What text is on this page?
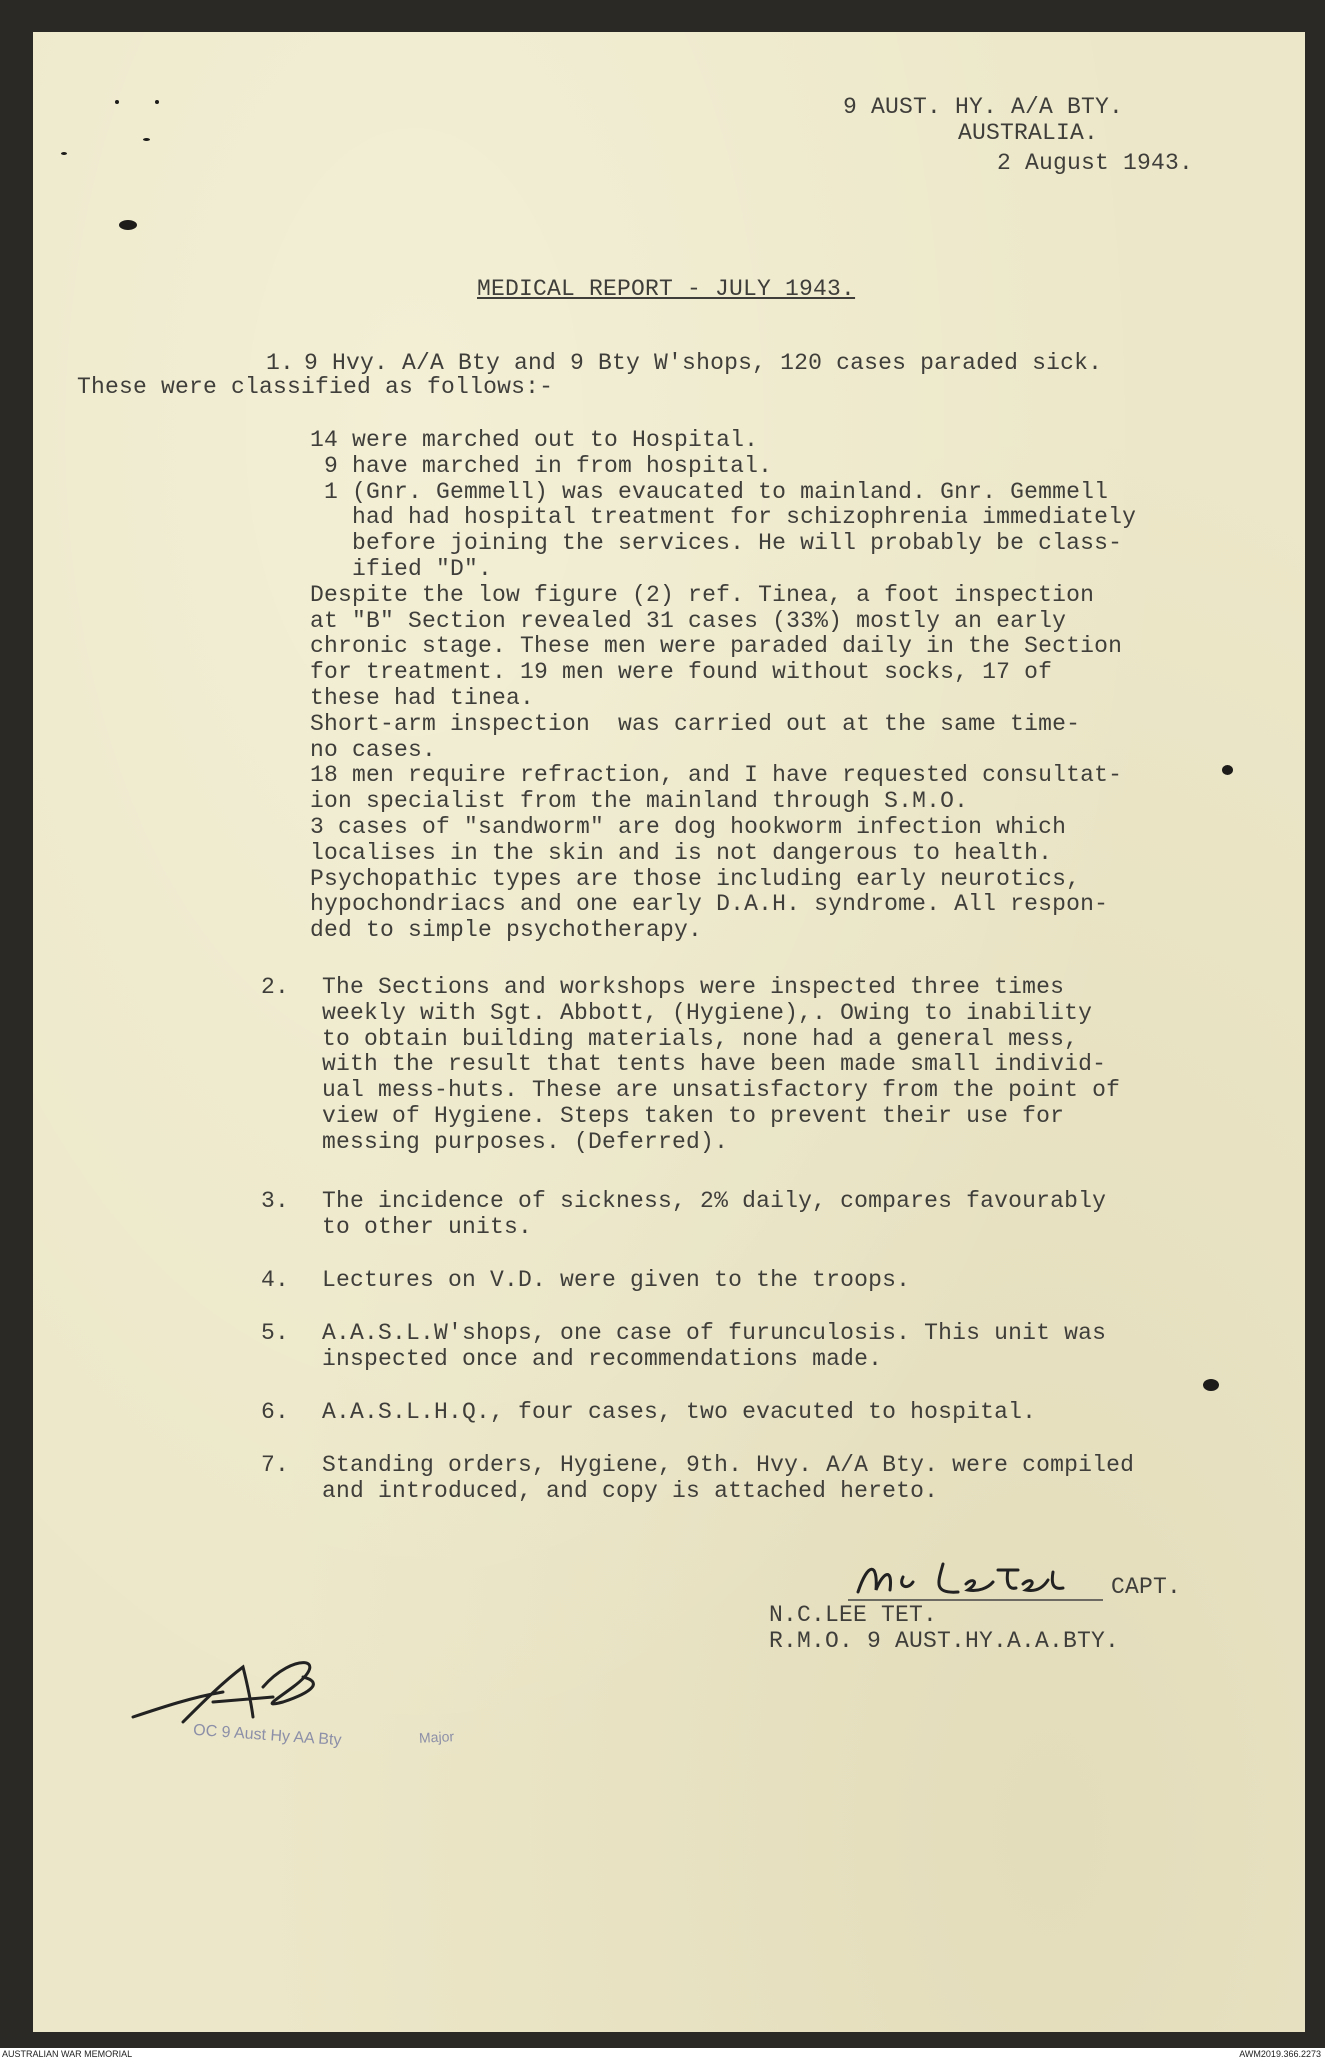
9 AUST. HY. A/A BTY.
AUSTRALIA.
2 August 1943.
MEDICAL REPORT - JULY 1943.
1. 9 Hvy. A/A Bty and 9 Bty W'shops, 120 cases paraded sick.
These were classified as follows:-
14 were marched out to Hospital.
9 have marched in from hospital.
1 (Gnr. Gemmell) was evaucated to mainland. Gnr. Gemmell
had had hospital treatment for schizophrenia immediately
before joining the services. He will probably be class-
ified "D".
Despite the low figure (2) ref. Tinea, a foot inspection
at "B" Section revealed 31 cases (33%) mostly an early
chronic stage. These men were paraded daily in the Section
for treatment. 19 men were found without socks, 17 of
these had tinea.
Short-arm inspection  was carried out at the same time-
no cases.
18 men require refraction, and I have requested consultat-
ion specialist from the mainland through S.M.O.
3 cases of "sandworm" are dog hookworm infection which
localises in the skin and is not dangerous to health.
Psychopathic types are those including early neurotics,
hypochondriacs and one early D.A.H. syndrome. All respon-
ded to simple psychotherapy.
2. The Sections and workshops were inspected three times
weekly with Sgt. Abbott, (Hygiene),. Owing to inability
to obtain building materials, none had a general mess,
with the result that tents have been made small individ-
ual mess-huts. These are unsatisfactory from the point of
view of Hygiene. Steps taken to prevent their use for
messing purposes. (Deferred).
3. The incidence of sickness, 2% daily, compares favourably
to other units.
4. Lectures on V.D. were given to the troops.
5. A.A.S.L.W'shops, one case of furunculosis. This unit was
inspected once and recommendations made.
6. A.A.S.L.H.Q., four cases, two evacuted to hospital.
7. Standing orders, Hygiene, 9th. Hvy. A/A Bty. were compiled
and introduced, and copy is attached hereto.
CAPT.
N.C.LEE TET.
R.M.O. 9 AUST.HY.A.A.BTY.
OC 9 Aust Hy AA Bty	Major
AUSTRALIAN WAR MEMORIAL	AWM2019.366.2273
